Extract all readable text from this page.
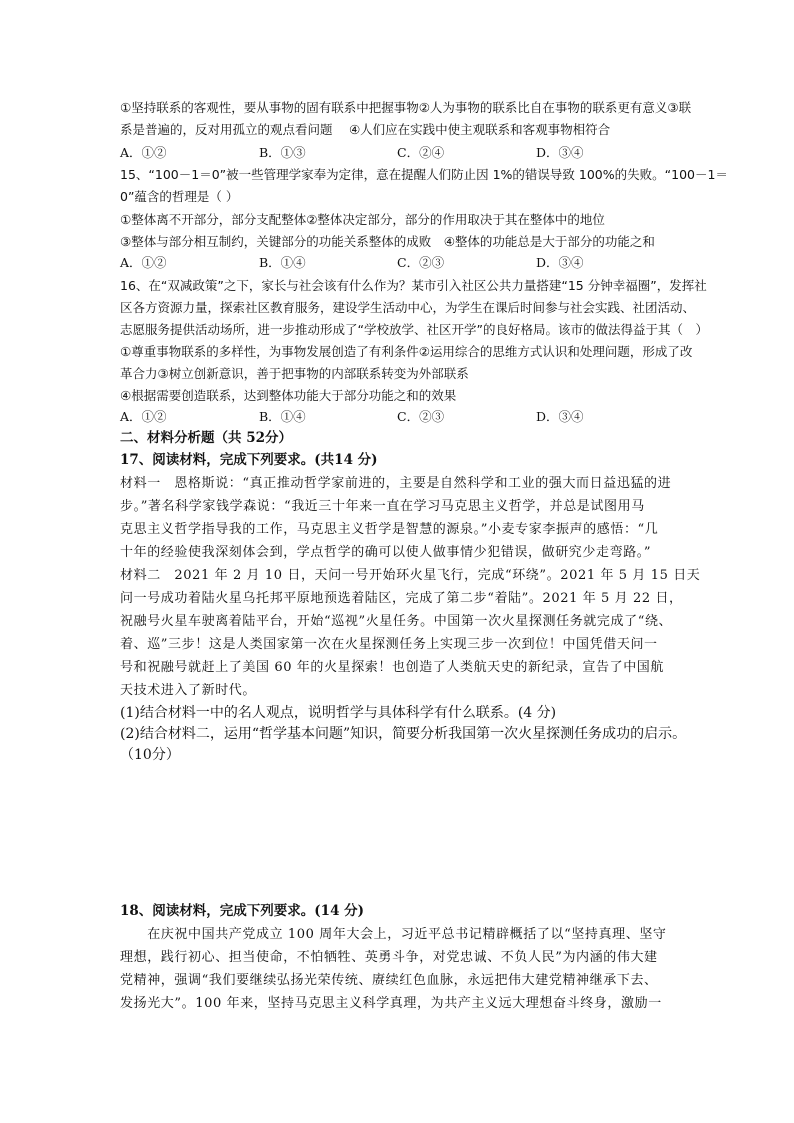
①坚持联系的客观性，要从事物的固有联系中把握事物②人为事物的联系比自在事物的联系更有意义③联
系是普遍的，反对用孤立的观点看问题　 ④人们应在实践中使主观联系和客观事物相符合
A．①②	B．①③	C．②④	D．③④
15、“100－1＝0”被一些管理学家奉为定律，意在提醒人们防止因 1%的错误导致 100%的失败。“100－1＝
0”蕴含的哲理是（ ）
①整体离不开部分，部分支配整体②整体决定部分，部分的作用取决于其在整体中的地位
③整体与部分相互制约，关键部分的功能关系整体的成败　④整体的功能总是大于部分的功能之和
A．①②	B．①④	C．②③	D．③④
16、在“双减政策”之下，家长与社会该有什么作为？某市引入社区公共力量搭建“15 分钟幸福圈”，发挥社
区各方资源力量，探索社区教育服务，建设学生活动中心，为学生在课后时间参与社会实践、社团活动、
志愿服务提供活动场所，进一步推动形成了“学校放学、社区开学”的良好格局。该市的做法得益于其（　）
①尊重事物联系的多样性，为事物发展创造了有利条件②运用综合的思维方式认识和处理问题，形成了改
革合力③树立创新意识，善于把事物的内部联系转变为外部联系
④根据需要创造联系，达到整体功能大于部分功能之和的效果
A．①②	B．①④	C．②③	D．③④
二、材料分析题（共 52分）
17、阅读材料，完成下列要求。(共14 分)
材料一　恩格斯说：“真正推动哲学家前进的，主要是自然科学和工业的强大而日益迅猛的进
步。”著名科学家钱学森说：“我近三十年来一直在学习马克思主义哲学，并总是试图用马
克思主义哲学指导我的工作，马克思主义哲学是智慧的源泉。”小麦专家李振声的感悟：“几
十年的经验使我深刻体会到，学点哲学的确可以使人做事情少犯错误，做研究少走弯路。”
材料二　2021 年 2 月 10 日，天问一号开始环火星飞行，完成“环绕”。2021 年 5 月 15 日天
问一号成功着陆火星乌托邦平原地预选着陆区，完成了第二步“着陆”。2021 年 5 月 22 日，
祝融号火星车驶离着陆平台，开始“巡视”火星任务。中国第一次火星探测任务就完成了“绕、
着、巡”三步！这是人类国家第一次在火星探测任务上实现三步一次到位！中国凭借天问一
号和祝融号就赶上了美国 60 年的火星探索！也创造了人类航天史的新纪录，宣告了中国航
天技术进入了新时代。
(1)结合材料一中的名人观点，说明哲学与具体科学有什么联系。(4 分)
(2)结合材料二，运用“哲学基本问题”知识，简要分析我国第一次火星探测任务成功的启示。
（10分）
18、阅读材料，完成下列要求。(14 分)
　　在庆祝中国共产党成立 100 周年大会上，习近平总书记精辟概括了以“坚持真理、坚守
理想，践行初心、担当使命，不怕牺牲、英勇斗争，对党忠诚、不负人民”为内涵的伟大建
党精神，强调“我们要继续弘扬光荣传统、赓续红色血脉，永远把伟大建党精神继承下去、
发扬光大”。100 年来，坚持马克思主义科学真理，为共产主义远大理想奋斗终身，激励一
